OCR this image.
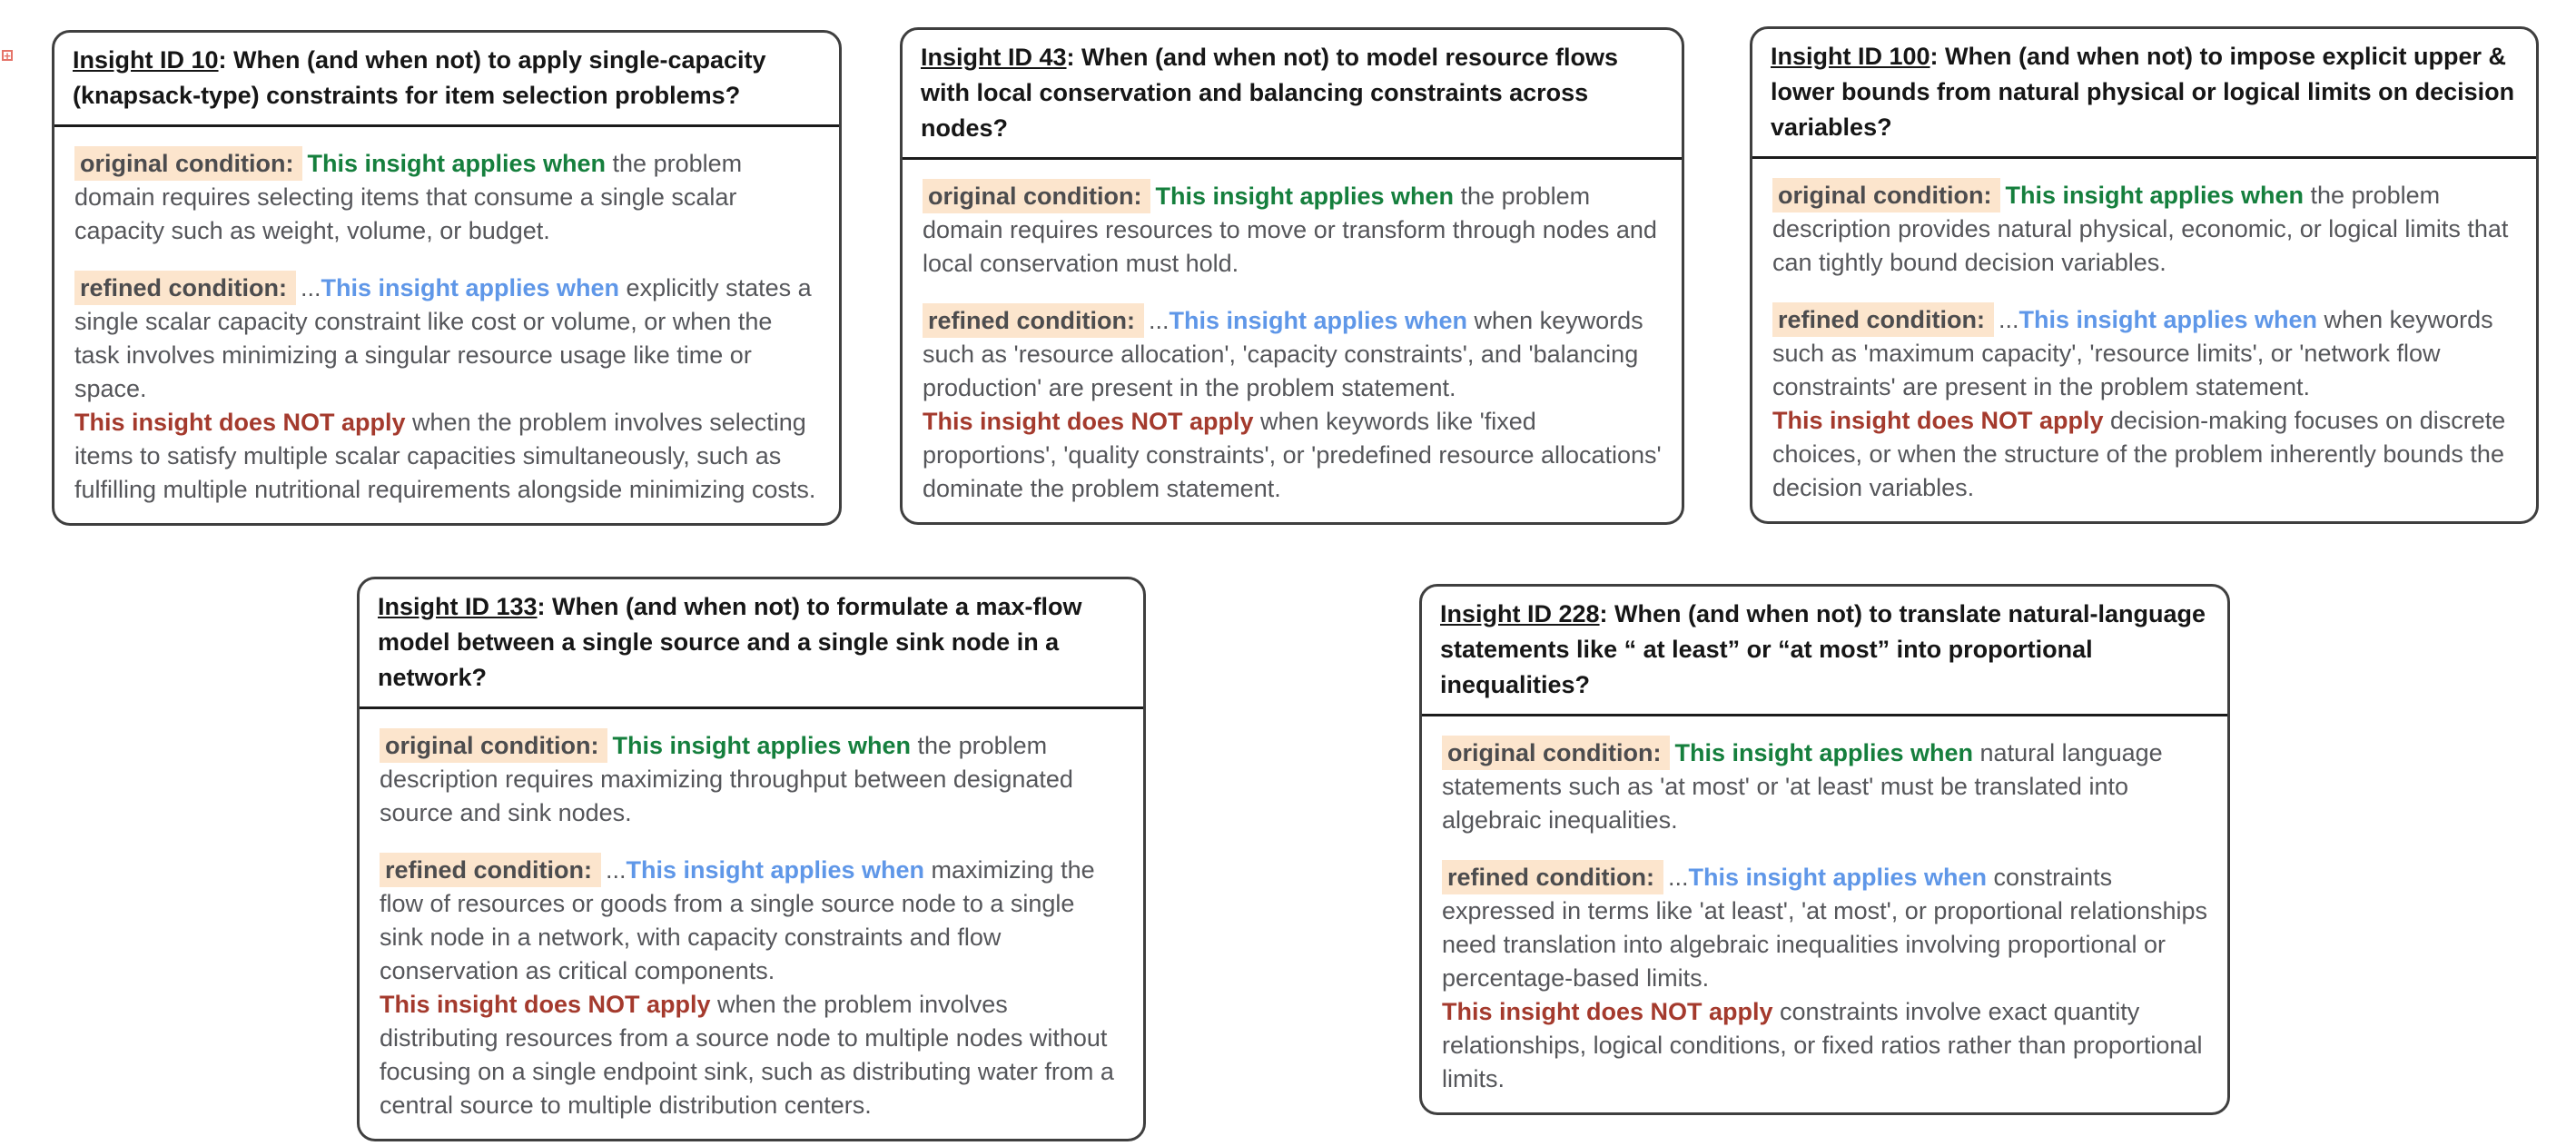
+
Insight ID 10: When (and when not) to apply single-capacity (knapsack-type) constraints for item selection problems?

original condition: This insight applies when the problem domain requires selecting items that consume a single scalar capacity such as weight, volume, or budget.

refined condition: ...This insight applies when explicitly states a single scalar capacity constraint like cost or volume, or when the task involves minimizing a singular resource usage like time or space.
This insight does NOT apply when the problem involves selecting items to satisfy multiple scalar capacities simultaneously, such as fulfilling multiple nutritional requirements alongside minimizing costs.

Insight ID 43: When (and when not) to model resource flows with local conservation and balancing constraints across nodes?

original condition: This insight applies when the problem domain requires resources to move or transform through nodes and local conservation must hold.

refined condition: ...This insight applies when when keywords such as 'resource allocation', 'capacity constraints', and 'balancing production' are present in the problem statement.
This insight does NOT apply when keywords like 'fixed proportions', 'quality constraints', or 'predefined resource allocations' dominate the problem statement.

Insight ID 100: When (and when not) to impose explicit upper & lower bounds from natural physical or logical limits on decision variables?

original condition: This insight applies when the problem description provides natural physical, economic, or logical limits that can tightly bound decision variables.

refined condition: ...This insight applies when when keywords such as 'maximum capacity', 'resource limits', or 'network flow constraints' are present in the problem statement.
This insight does NOT apply decision-making focuses on discrete choices, or when the structure of the problem inherently bounds the decision variables.

Insight ID 133: When (and when not) to formulate a max-flow model between a single source and a single sink node in a network?

original condition: This insight applies when the problem description requires maximizing throughput between designated source and sink nodes.

refined condition: ...This insight applies when maximizing the flow of resources or goods from a single source node to a single sink node in a network, with capacity constraints and flow conservation as critical components.
This insight does NOT apply when the problem involves distributing resources from a source node to multiple nodes without focusing on a single endpoint sink, such as distributing water from a central source to multiple distribution centers.

Insight ID 228: When (and when not) to translate natural-language statements like “ at least” or “at most” into proportional inequalities?

original condition: This insight applies when natural language statements such as 'at most' or 'at least' must be translated into algebraic inequalities.

refined condition: ...This insight applies when constraints expressed in terms like 'at least', 'at most', or proportional relationships need translation into algebraic inequalities involving proportional or percentage-based limits.
This insight does NOT apply constraints involve exact quantity relationships, logical conditions, or fixed ratios rather than proportional limits.
